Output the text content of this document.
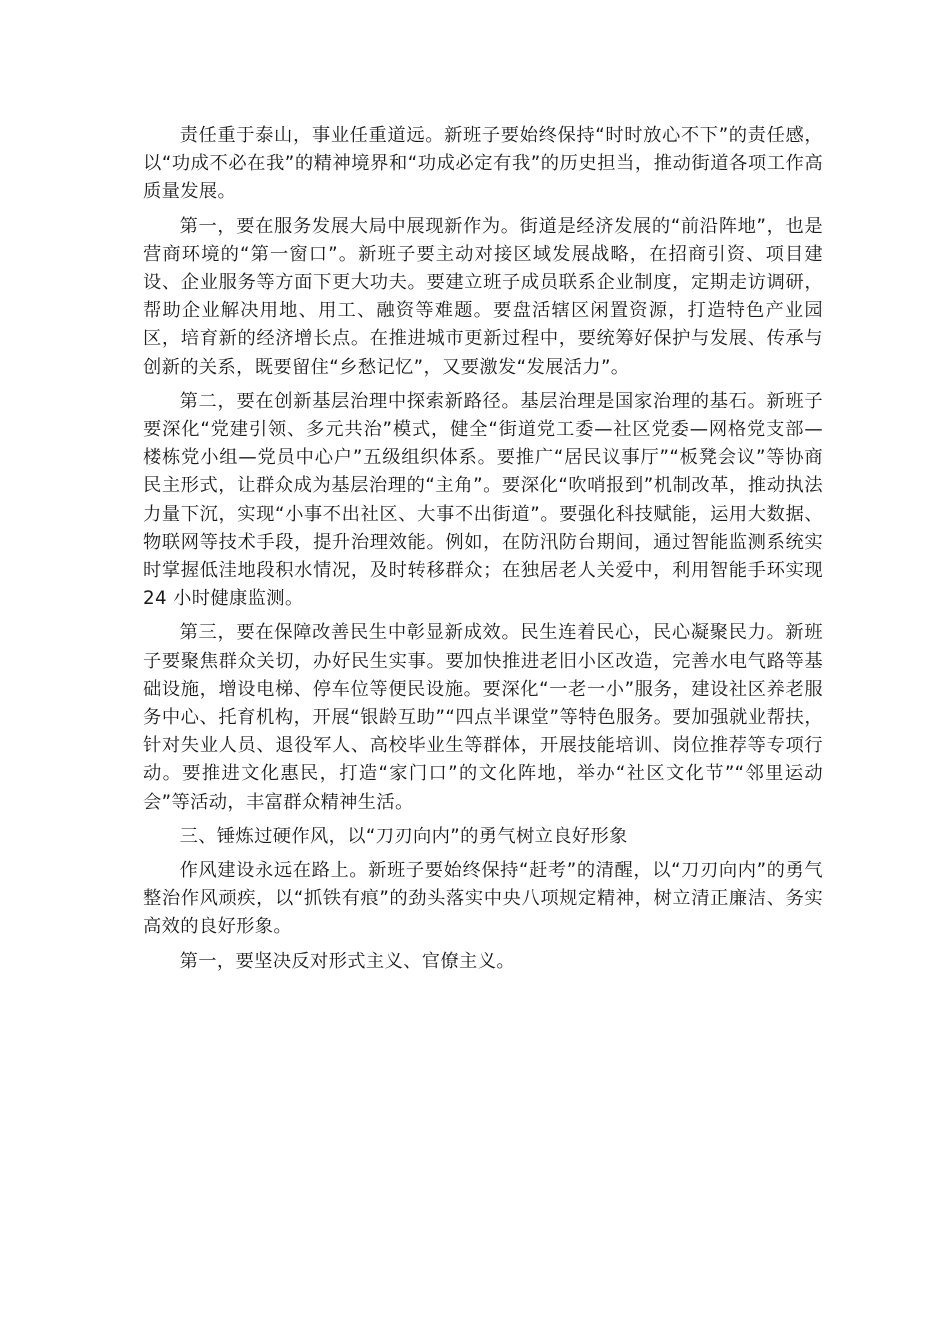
责任重于泰山，事业任重道远。新班子要始终保持“时时放心不下”的责任感，以“功成不必在我”的精神境界和“功成必定有我”的历史担当，推动街道各项工作高质量发展。

第一，要在服务发展大局中展现新作为。街道是经济发展的“前沿阵地”，也是营商环境的“第一窗口”。新班子要主动对接区域发展战略，在招商引资、项目建设、企业服务等方面下更大功夫。要建立班子成员联系企业制度，定期走访调研，帮助企业解决用地、用工、融资等难题。要盘活辖区闲置资源，打造特色产业园区，培育新的经济增长点。在推进城市更新过程中，要统筹好保护与发展、传承与创新的关系，既要留住“乡愁记忆”，又要激发“发展活力”。

第二，要在创新基层治理中探索新路径。基层治理是国家治理的基石。新班子要深化“党建引领、多元共治”模式，健全“街道党工委—社区党委—网格党支部—楼栋党小组—党员中心户”五级组织体系。要推广“居民议事厅”“板凳会议”等协商民主形式，让群众成为基层治理的“主角”。要深化“吹哨报到”机制改革，推动执法力量下沉，实现“小事不出社区、大事不出街道”。要强化科技赋能，运用大数据、物联网等技术手段，提升治理效能。例如，在防汛防台期间，通过智能监测系统实时掌握低洼地段积水情况，及时转移群众；在独居老人关爱中，利用智能手环实现 24 小时健康监测。

第三，要在保障改善民生中彰显新成效。民生连着民心，民心凝聚民力。新班子要聚焦群众关切，办好民生实事。要加快推进老旧小区改造，完善水电气路等基础设施，增设电梯、停车位等便民设施。要深化“一老一小”服务，建设社区养老服务中心、托育机构，开展“银龄互助”“四点半课堂”等特色服务。要加强就业帮扶，针对失业人员、退役军人、高校毕业生等群体，开展技能培训、岗位推荐等专项行动。要推进文化惠民，打造“家门口”的文化阵地，举办“社区文化节”“邻里运动会”等活动，丰富群众精神生活。

三、锤炼过硬作风，以“刀刃向内”的勇气树立良好形象

作风建设永远在路上。新班子要始终保持“赶考”的清醒，以“刀刃向内”的勇气整治作风顽疾，以“抓铁有痕”的劲头落实中央八项规定精神，树立清正廉洁、务实高效的良好形象。

第一，要坚决反对形式主义、官僚主义。
